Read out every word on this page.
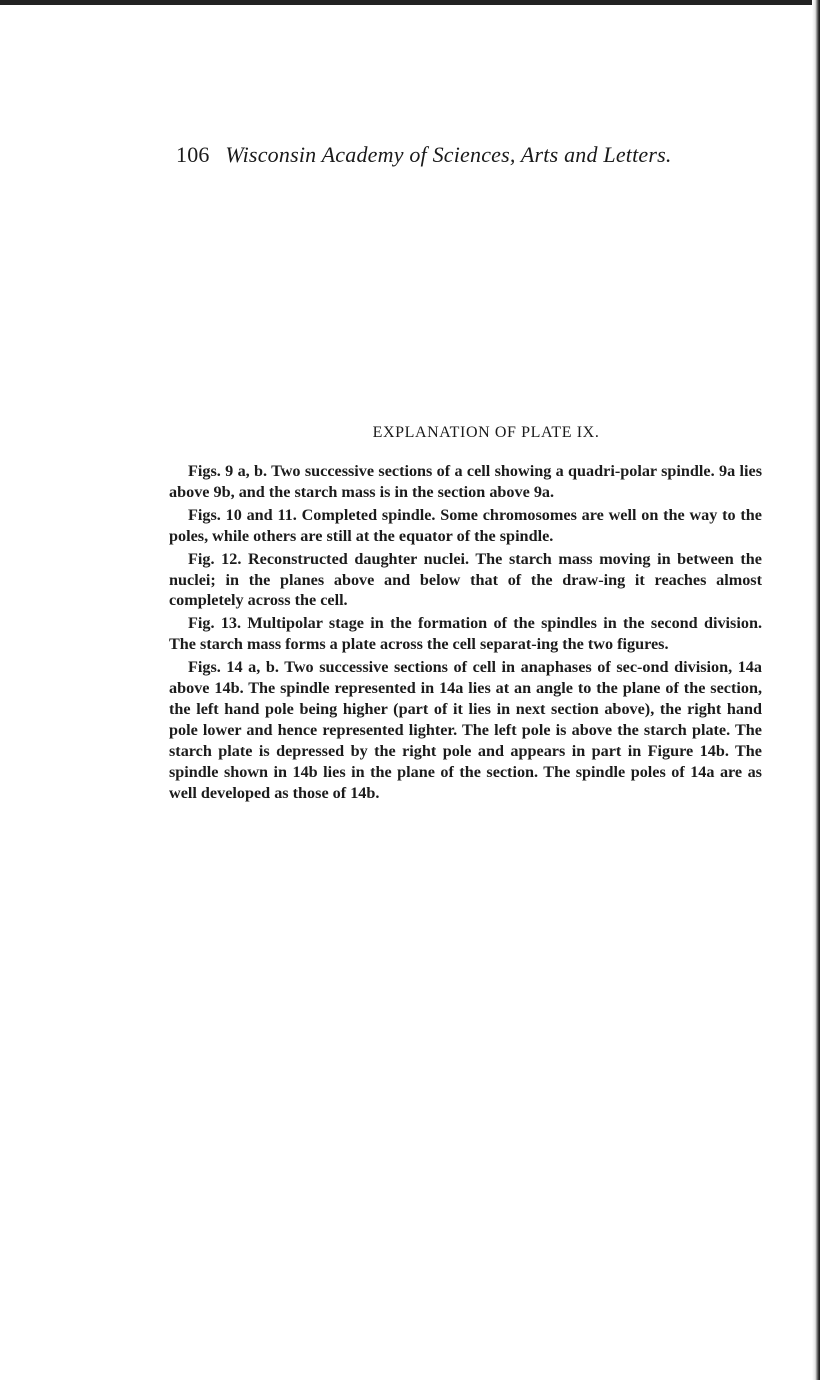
106 Wisconsin Academy of Sciences, Arts and Letters.
EXPLANATION OF PLATE IX.

Figs. 9 a, b. Two successive sections of a cell showing a quadri-polar spindle. 9a lies above 9b, and the starch mass is in the section above 9a.

Figs. 10 and 11. Completed spindle. Some chromosomes are well on the way to the poles, while others are still at the equator of the spindle.

Fig. 12. Reconstructed daughter nuclei. The starch mass moving in between the nuclei; in the planes above and below that of the draw-ing it reaches almost completely across the cell.

Fig. 13. Multipolar stage in the formation of the spindles in the second division. The starch mass forms a plate across the cell separat-ing the two figures.

Figs. 14 a, b. Two successive sections of cell in anaphases of sec-ond division, 14a above 14b. The spindle represented in 14a lies at an angle to the plane of the section, the left hand pole being higher (part of it lies in next section above), the right hand pole lower and hence represented lighter. The left pole is above the starch plate. The starch plate is depressed by the right pole and appears in part in Figure 14b. The spindle shown in 14b lies in the plane of the section. The spindle poles of 14a are as well developed as those of 14b.
